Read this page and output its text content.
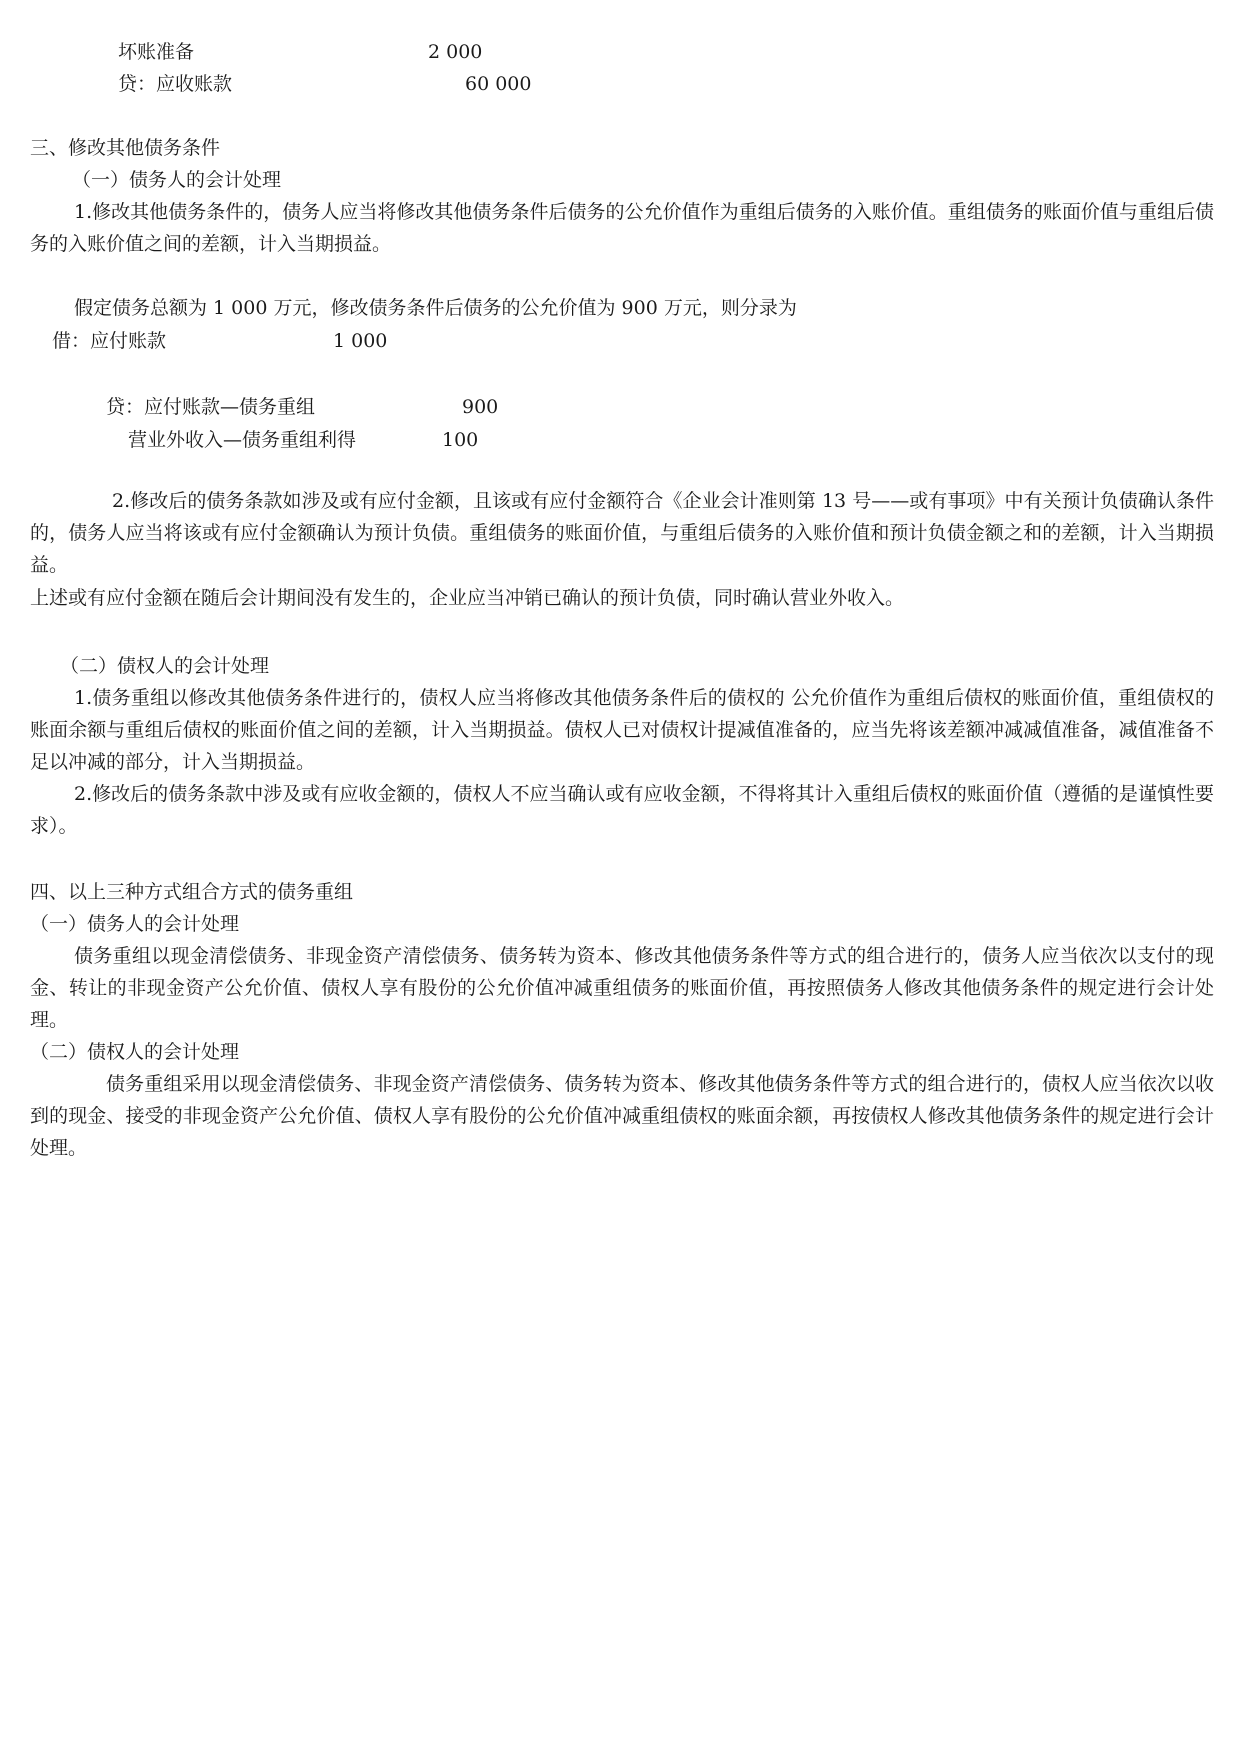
坏账准备	2 000
贷：应收账款	60 000
三、修改其他债务条件
（一）债务人的会计处理

1.修改其他债务条件的，债务人应当将修改其他债务条件后债务的公允价值作为重组后债务的入账价值。重组债务的账面价值与重组后债务的入账价值之间的差额，计入当期损益。

假定债务总额为 1 000 万元，修改债务条件后债务的公允价值为 900 万元，则分录为
借：应付账款	1 000
贷：应付账款—债务重组	900
营业外收入—债务重组利得	100

2.修改后的债务条款如涉及或有应付金额，且该或有应付金额符合《企业会计准则第 13 号——或有事项》中有关预计负债确认条件的，债务人应当将该或有应付金额确认为预计负债。重组债务的账面价值，与重组后债务的入账价值和预计负债金额之和的差额，计入当期损益。

上述或有应付金额在随后会计期间没有发生的，企业应当冲销已确认的预计负债，同时确认营业外收入。

（二）债权人的会计处理

1.债务重组以修改其他债务条件进行的，债权人应当将修改其他债务条件后的债权的 公允价值作为重组后债权的账面价值，重组债权的账面余额与重组后债权的账面价值之间的差额，计入当期损益。债权人已对债权计提减值准备的，应当先将该差额冲减减值准备，减值准备不足以冲减的部分，计入当期损益。

2.修改后的债务条款中涉及或有应收金额的，债权人不应当确认或有应收金额，不得将其计入重组后债权的账面价值（遵循的是谨慎性要求）。

四、以上三种方式组合方式的债务重组
（一）债务人的会计处理

债务重组以现金清偿债务、非现金资产清偿债务、债务转为资本、修改其他债务条件等方式的组合进行的，债务人应当依次以支付的现金、转让的非现金资产公允价值、债权人享有股份的公允价值冲减重组债务的账面价值，再按照债务人修改其他债务条件的规定进行会计处理。

（二）债权人的会计处理

债务重组采用以现金清偿债务、非现金资产清偿债务、债务转为资本、修改其他债务条件等方式的组合进行的，债权人应当依次以收到的现金、接受的非现金资产公允价值、债权人享有股份的公允价值冲减重组债权的账面余额，再按债权人修改其他债务条件的规定进行会计处理。
